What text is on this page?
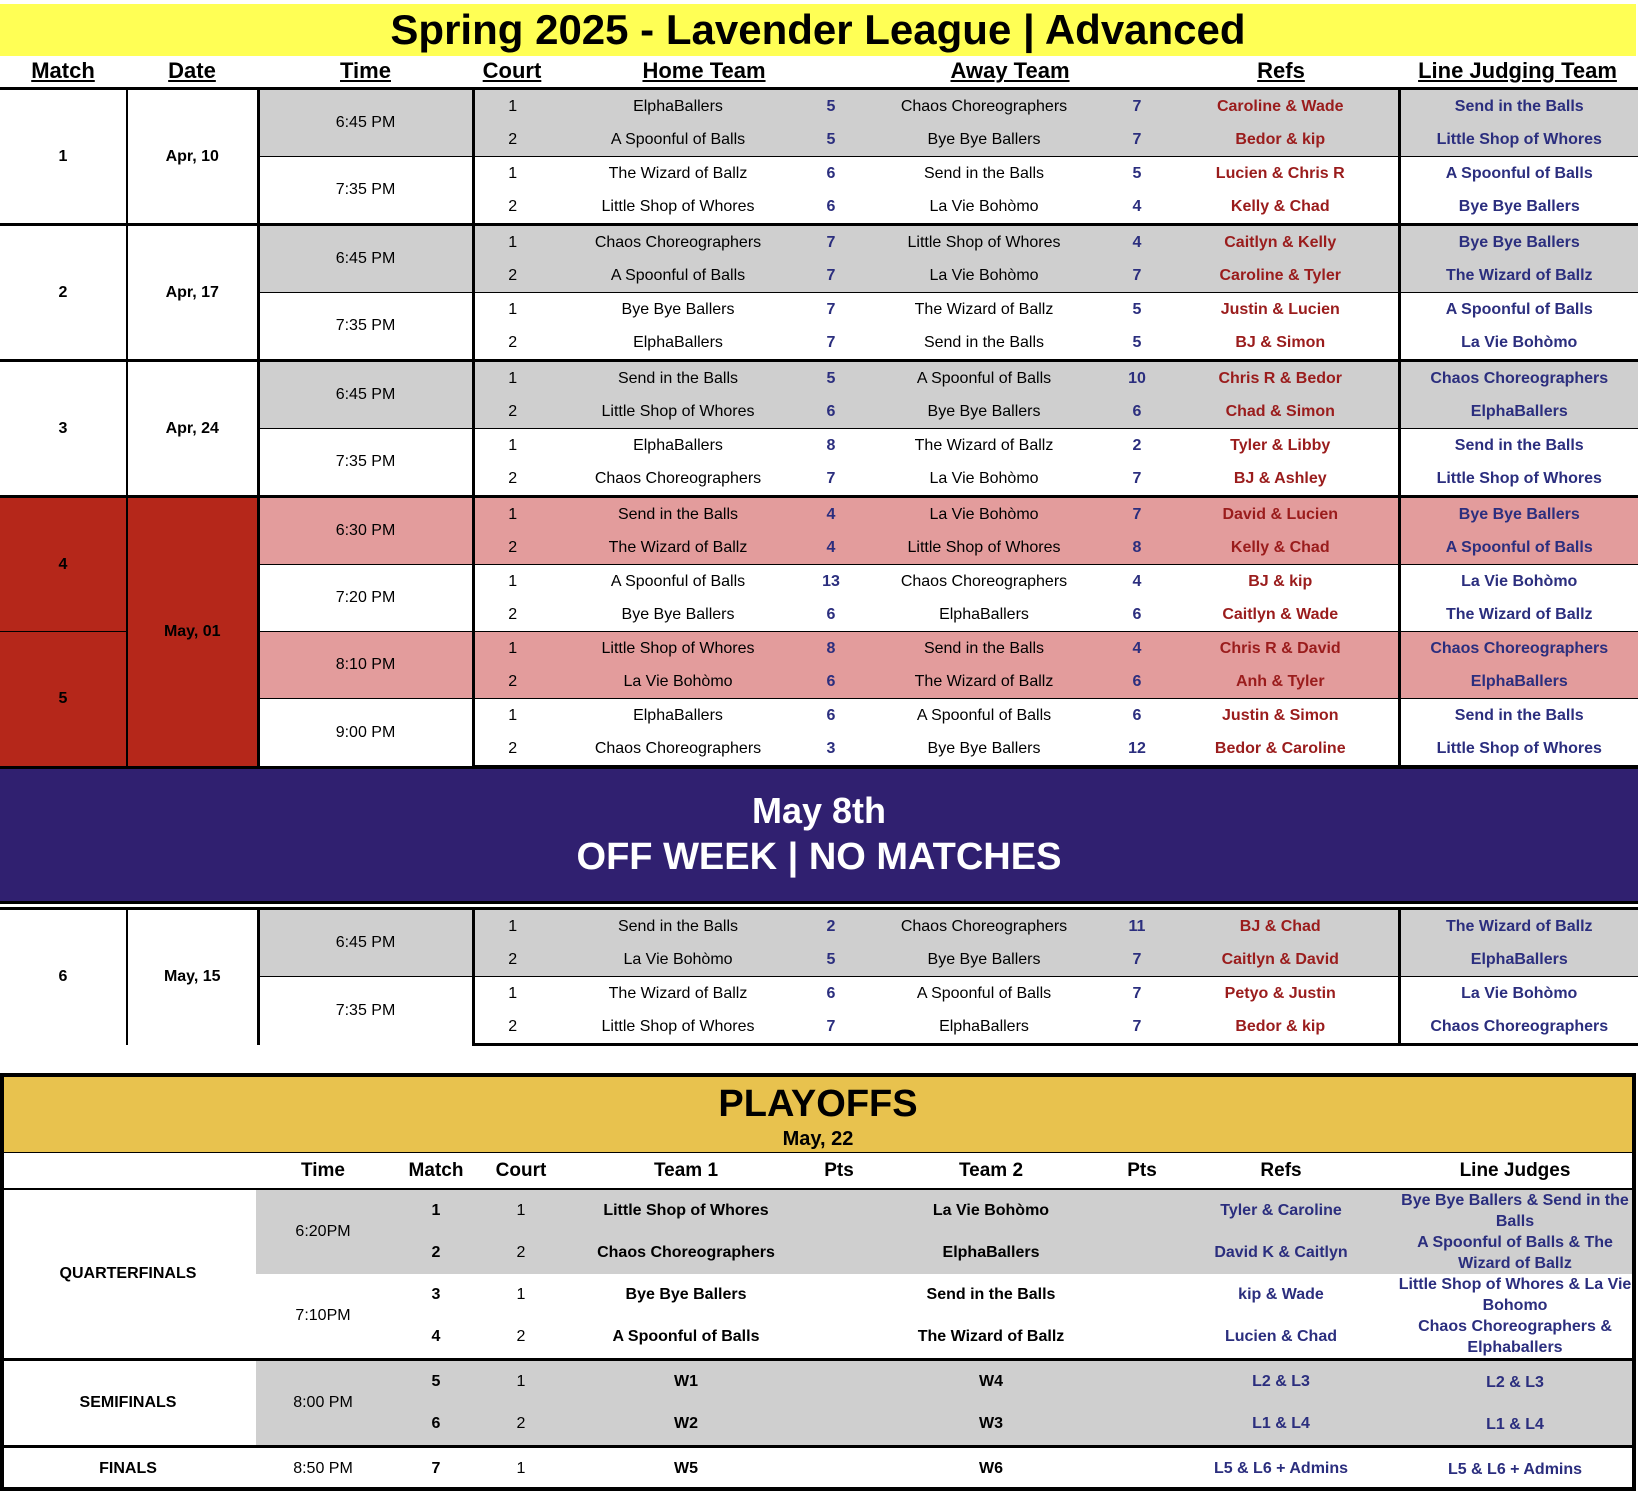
Spring 2025 - Lavender League | Advanced
Match	Date	Time	Court	Home Team	Away Team	Refs	Line Judging Team
1	Apr, 10	6:45 PM	1	ElphaBallers	5	Chaos Choreographers	7	Caroline & Wade	Send in the Balls
			2	A Spoonful of Balls	5	Bye Bye Ballers	7	Bedor & kip	Little Shop of Whores
		7:35 PM	1	The Wizard of Ballz	6	Send in the Balls	5	Lucien & Chris R	A Spoonful of Balls
			2	Little Shop of Whores	6	La Vie Bohòmo	4	Kelly & Chad	Bye Bye Ballers
2	Apr, 17	6:45 PM	1	Chaos Choreographers	7	Little Shop of Whores	4	Caitlyn & Kelly	Bye Bye Ballers
			2	A Spoonful of Balls	7	La Vie Bohòmo	7	Caroline & Tyler	The Wizard of Ballz
		7:35 PM	1	Bye Bye Ballers	7	The Wizard of Ballz	5	Justin & Lucien	A Spoonful of Balls
			2	ElphaBallers	7	Send in the Balls	5	BJ & Simon	La Vie Bohòmo
3	Apr, 24	6:45 PM	1	Send in the Balls	5	A Spoonful of Balls	10	Chris R & Bedor	Chaos Choreographers
			2	Little Shop of Whores	6	Bye Bye Ballers	6	Chad & Simon	ElphaBallers
		7:35 PM	1	ElphaBallers	8	The Wizard of Ballz	2	Tyler & Libby	Send in the Balls
			2	Chaos Choreographers	7	La Vie Bohòmo	7	BJ & Ashley	Little Shop of Whores
4	May, 01	6:30 PM	1	Send in the Balls	4	La Vie Bohòmo	7	David & Lucien	Bye Bye Ballers
			2	The Wizard of Ballz	4	Little Shop of Whores	8	Kelly & Chad	A Spoonful of Balls
		7:20 PM	1	A Spoonful of Balls	13	Chaos Choreographers	4	BJ & kip	La Vie Bohòmo
			2	Bye Bye Ballers	6	ElphaBallers	6	Caitlyn & Wade	The Wizard of Ballz
5		8:10 PM	1	Little Shop of Whores	8	Send in the Balls	4	Chris R & David	Chaos Choreographers
			2	La Vie Bohòmo	6	The Wizard of Ballz	6	Anh & Tyler	ElphaBallers
		9:00 PM	1	ElphaBallers	6	A Spoonful of Balls	6	Justin & Simon	Send in the Balls
			2	Chaos Choreographers	3	Bye Bye Ballers	12	Bedor & Caroline	Little Shop of Whores
May 8th
OFF WEEK | NO MATCHES
6	May, 15	6:45 PM	1	Send in the Balls	2	Chaos Choreographers	11	BJ & Chad	The Wizard of Ballz
			2	La Vie Bohòmo	5	Bye Bye Ballers	7	Caitlyn & David	ElphaBallers
		7:35 PM	1	The Wizard of Ballz	6	A Spoonful of Balls	7	Petyo & Justin	La Vie Bohòmo
			2	Little Shop of Whores	7	ElphaBallers	7	Bedor & kip	Chaos Choreographers
PLAYOFFS
May, 22
	Time	Match	Court	Team 1	Pts	Team 2	Pts	Refs	Line Judges
QUARTERFINALS	6:20PM	1	1	Little Shop of Whores		La Vie Bohòmo		Tyler & Caroline	Bye Bye Ballers & Send in the Balls
		2	2	Chaos Choreographers		ElphaBallers		David K & Caitlyn	A Spoonful of Balls & The Wizard of Ballz
	7:10PM	3	1	Bye Bye Ballers		Send in the Balls		kip & Wade	Little Shop of Whores & La Vie Bohomo
		4	2	A Spoonful of Balls		The Wizard of Ballz		Lucien & Chad	Chaos Choreographers & Elphaballers
SEMIFINALS	8:00 PM	5	1	W1		W4		L2 & L3	L2 & L3
		6	2	W2		W3		L1 & L4	L1 & L4
FINALS	8:50 PM	7	1	W5		W6		L5 & L6 + Admins	L5 & L6 + Admins
